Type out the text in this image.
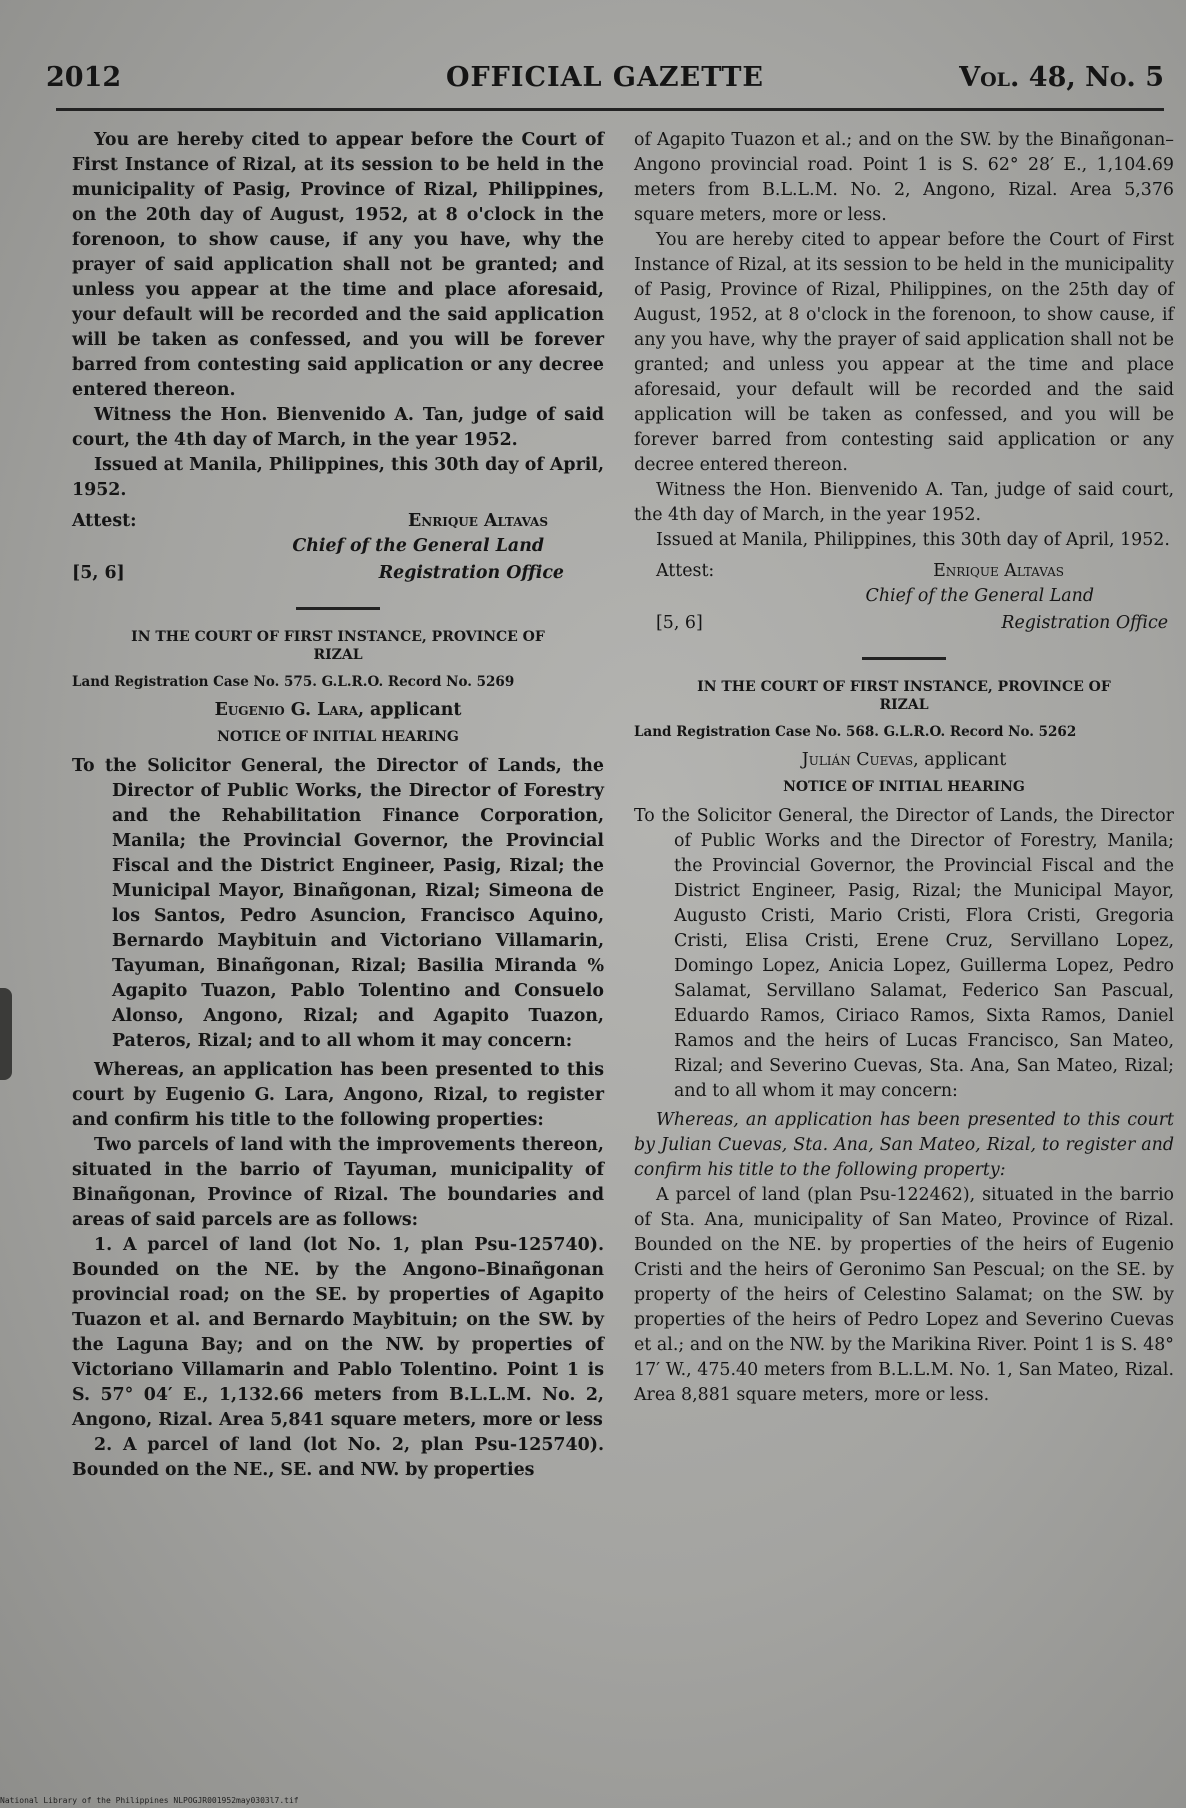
2012	OFFICIAL GAZETTE	Vol. 48, No. 5

You are hereby cited to appear before the Court of First Instance of Rizal, at its session to be held in the municipality of Pasig, Province of Rizal, Philippines, on the 20th day of August, 1952, at 8 o'clock in the forenoon, to show cause, if any you have, why the prayer of said application shall not be granted; and unless you appear at the time and place aforesaid, your default will be recorded and the said application will be taken as confessed, and you will be forever barred from contesting said application or any decree entered thereon.

Witness the Hon. Bienvenido A. Tan, judge of said court, the 4th day of March, in the year 1952.

Issued at Manila, Philippines, this 30th day of April, 1952.

Attest:	Enrique Altavas
Chief of the General Land
[5, 6]	Registration Office
IN THE COURT OF FIRST INSTANCE, PROVINCE OF RIZAL
Land Registration Case No. 575. G.L.R.O. Record No. 5269
Eugenio G. Lara, applicant
NOTICE OF INITIAL HEARING
To the Solicitor General, the Director of Lands, the Director of Public Works, the Director of Forestry and the Rehabilitation Finance Corporation, Manila; the Provincial Governor, the Provincial Fiscal and the District Engineer, Pasig, Rizal; the Municipal Mayor, Binañgonan, Rizal; Simeona de los Santos, Pedro Asuncion, Francisco Aquino, Bernardo Maybituin and Victoriano Villamarin, Tayuman, Binañgonan, Rizal; Basilia Miranda % Agapito Tuazon, Pablo Tolentino and Consuelo Alonso, Angono, Rizal; and Agapito Tuazon, Pateros, Rizal; and to all whom it may concern:

Whereas, an application has been presented to this court by Eugenio G. Lara, Angono, Rizal, to register and confirm his title to the following properties:

Two parcels of land with the improvements thereon, situated in the barrio of Tayuman, municipality of Binañgonan, Province of Rizal. The boundaries and areas of said parcels are as follows:

1. A parcel of land (lot No. 1, plan Psu-125740). Bounded on the NE. by the Angono–Binañgonan provincial road; on the SE. by properties of Agapito Tuazon et al. and Bernardo Maybituin; on the SW. by the Laguna Bay; and on the NW. by properties of Victoriano Villamarin and Pablo Tolentino. Point 1 is S. 57° 04′ E., 1,132.66 meters from B.L.L.M. No. 2, Angono, Rizal. Area 5,841 square meters, more or less

2. A parcel of land (lot No. 2, plan Psu-125740). Bounded on the NE., SE. and NW. by properties

of Agapito Tuazon et al.; and on the SW. by the Binañgonan–Angono provincial road. Point 1 is S. 62° 28′ E., 1,104.69 meters from B.L.L.M. No. 2, Angono, Rizal. Area 5,376 square meters, more or less.

You are hereby cited to appear before the Court of First Instance of Rizal, at its session to be held in the municipality of Pasig, Province of Rizal, Philippines, on the 25th day of August, 1952, at 8 o'clock in the forenoon, to show cause, if any you have, why the prayer of said application shall not be granted; and unless you appear at the time and place aforesaid, your default will be recorded and the said application will be taken as confessed, and you will be forever barred from contesting said application or any decree entered thereon.

Witness the Hon. Bienvenido A. Tan, judge of said court, the 4th day of March, in the year 1952.

Issued at Manila, Philippines, this 30th day of April, 1952.

Attest:	Enrique Altavas
Chief of the General Land
[5, 6]	Registration Office
IN THE COURT OF FIRST INSTANCE, PROVINCE OF RIZAL
Land Registration Case No. 568. G.L.R.O. Record No. 5262
Julián Cuevas, applicant
NOTICE OF INITIAL HEARING
To the Solicitor General, the Director of Lands, the Director of Public Works and the Director of Forestry, Manila; the Provincial Governor, the Provincial Fiscal and the District Engineer, Pasig, Rizal; the Municipal Mayor, Augusto Cristi, Mario Cristi, Flora Cristi, Gregoria Cristi, Elisa Cristi, Erene Cruz, Servillano Lopez, Domingo Lopez, Anicia Lopez, Guillerma Lopez, Pedro Salamat, Servillano Salamat, Federico San Pascual, Eduardo Ramos, Ciriaco Ramos, Sixta Ramos, Daniel Ramos and the heirs of Lucas Francisco, San Mateo, Rizal; and Severino Cuevas, Sta. Ana, San Mateo, Rizal; and to all whom it may concern:

Whereas, an application has been presented to this court by Julian Cuevas, Sta. Ana, San Mateo, Rizal, to register and confirm his title to the following property:

A parcel of land (plan Psu-122462), situated in the barrio of Sta. Ana, municipality of San Mateo, Province of Rizal. Bounded on the NE. by properties of the heirs of Eugenio Cristi and the heirs of Geronimo San Pescual; on the SE. by property of the heirs of Celestino Salamat; on the SW. by properties of the heirs of Pedro Lopez and Severino Cuevas et al.; and on the NW. by the Marikina River. Point 1 is S. 48° 17′ W., 475.40 meters from B.L.L.M. No. 1, San Mateo, Rizal. Area 8,881 square meters, more or less.

National Library of the Philippines NLPOGJR001952may0303l7.tif
